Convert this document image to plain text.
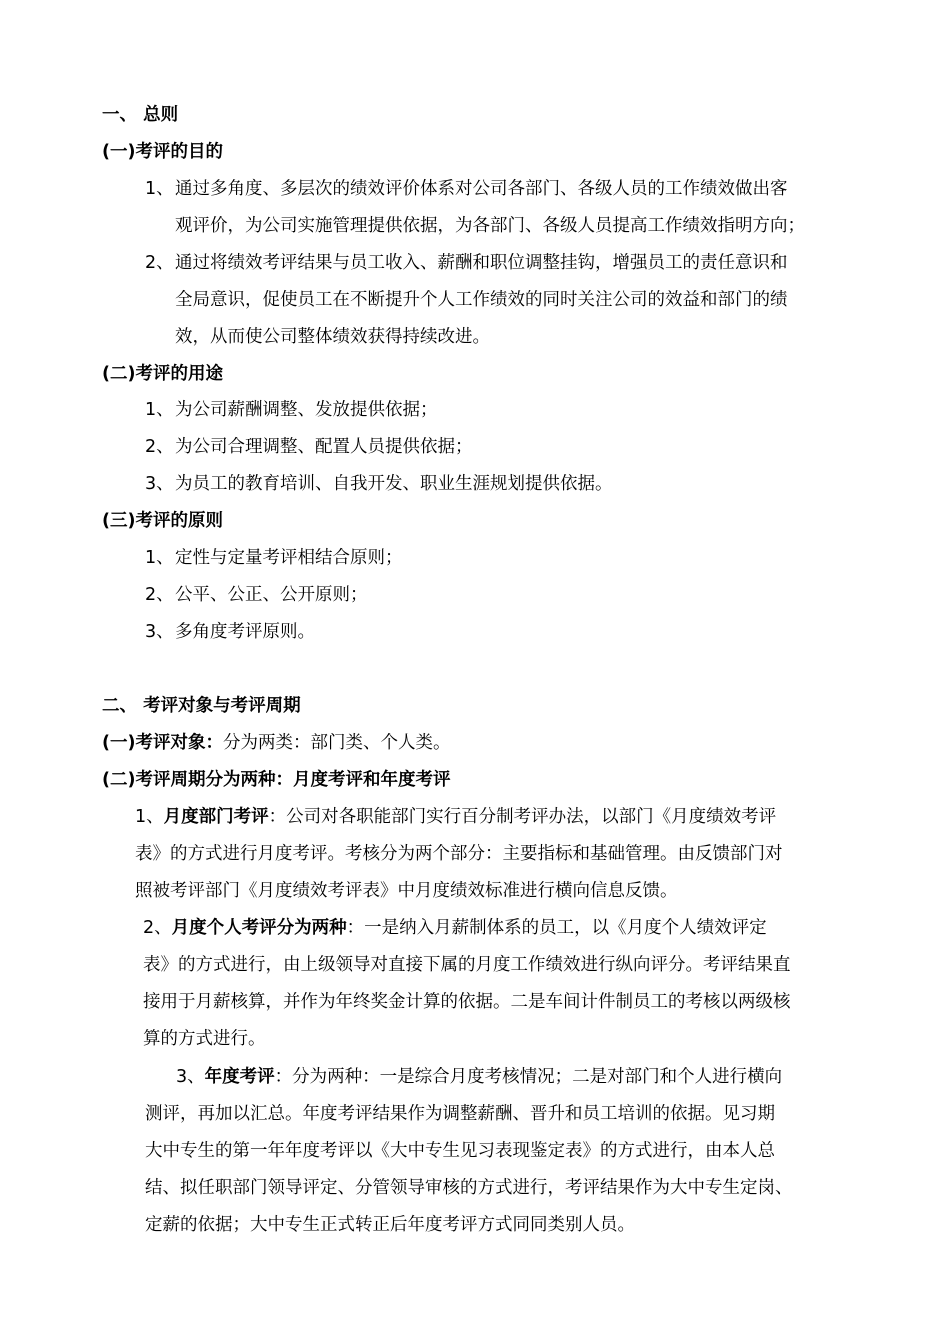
一、 总则
(一)考评的目的
1、 通过多角度、多层次的绩效评价体系对公司各部门、各级人员的工作绩效做出客
观评价，为公司实施管理提供依据，为各部门、各级人员提高工作绩效指明方向；
2、 通过将绩效考评结果与员工收入、薪酬和职位调整挂钩，增强员工的责任意识和
全局意识，促使员工在不断提升个人工作绩效的同时关注公司的效益和部门的绩
效，从而使公司整体绩效获得持续改进。
(二)考评的用途
1、 为公司薪酬调整、发放提供依据；
2、 为公司合理调整、配置人员提供依据；
3、 为员工的教育培训、自我开发、职业生涯规划提供依据。
(三)考评的原则
1、 定性与定量考评相结合原则；
2、 公平、公正、公开原则；
3、 多角度考评原则。
二、 考评对象与考评周期
(一)考评对象：分为两类：部门类、个人类。
(二)考评周期分为两种：月度考评和年度考评
1、月度部门考评：公司对各职能部门实行百分制考评办法，以部门《月度绩效考评
表》的方式进行月度考评。考核分为两个部分：主要指标和基础管理。由反馈部门对
照被考评部门《月度绩效考评表》中月度绩效标准进行横向信息反馈。
2、月度个人考评分为两种：一是纳入月薪制体系的员工，以《月度个人绩效评定
表》的方式进行，由上级领导对直接下属的月度工作绩效进行纵向评分。考评结果直
接用于月薪核算，并作为年终奖金计算的依据。二是车间计件制员工的考核以两级核
算的方式进行。
3、年度考评：分为两种：一是综合月度考核情况；二是对部门和个人进行横向
测评，再加以汇总。年度考评结果作为调整薪酬、晋升和员工培训的依据。见习期
大中专生的第一年年度考评以《大中专生见习表现鉴定表》的方式进行，由本人总
结、拟任职部门领导评定、分管领导审核的方式进行，考评结果作为大中专生定岗、
定薪的依据；大中专生正式转正后年度考评方式同同类别人员。
